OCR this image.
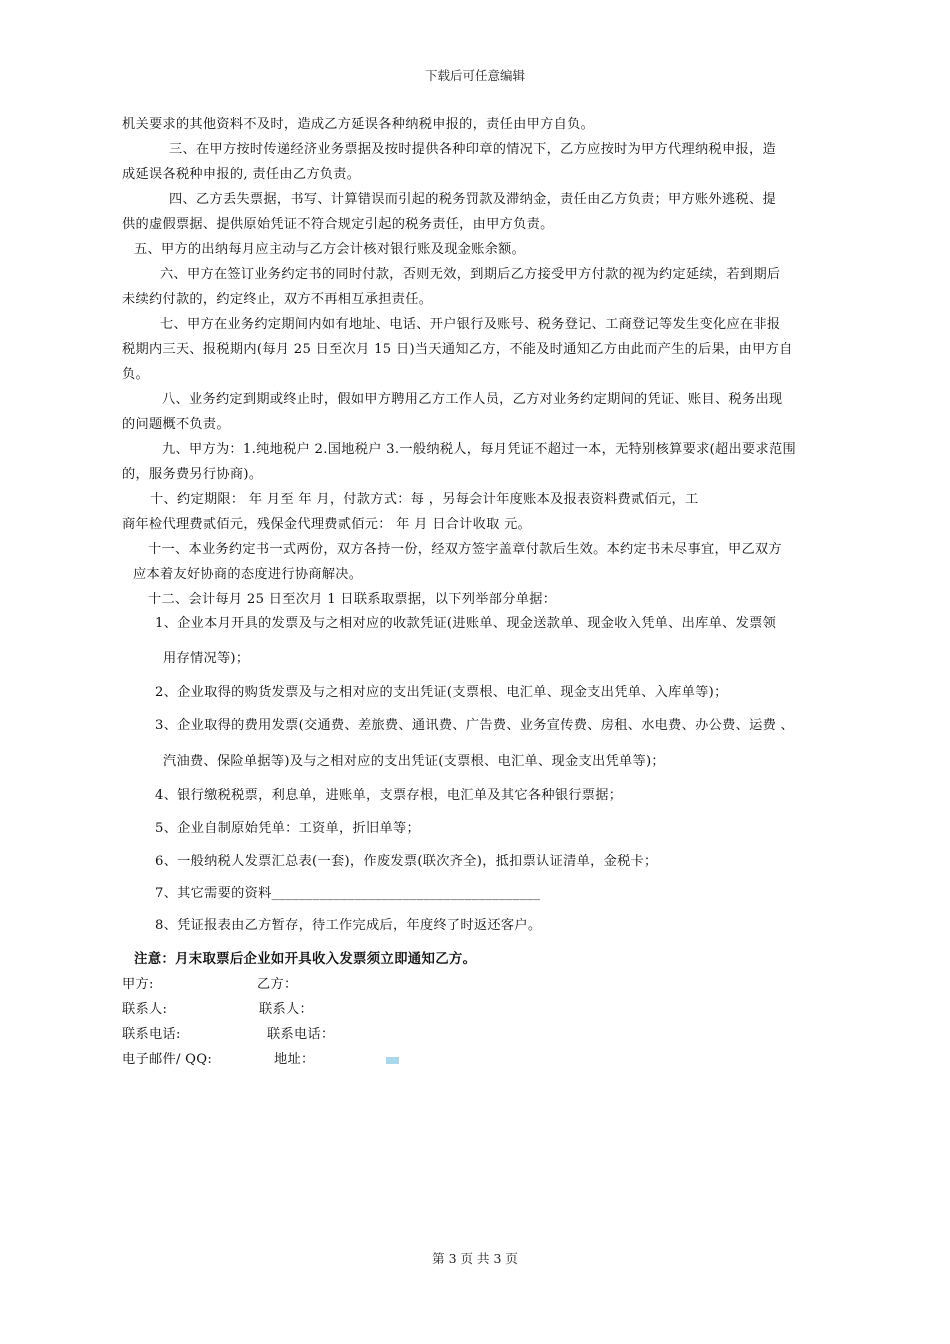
下载后可任意编辑
机关要求的其他资料不及时，造成乙方延误各种纳税申报的，责任由甲方自负。
三、在甲方按时传递经济业务票据及按时提供各种印章的情况下，乙方应按时为甲方代理纳税申报，造
成延误各税种申报的, 责任由乙方负责。
四、乙方丢失票据，书写、计算错误而引起的税务罚款及滞纳金，责任由乙方负责；甲方账外逃税、提
供的虚假票据、提供原始凭证不符合规定引起的税务责任，由甲方负责。
五、甲方的出纳每月应主动与乙方会计核对银行账及现金账余额。
六、甲方在签订业务约定书的同时付款，否则无效，到期后乙方接受甲方付款的视为约定延续，若到期后
未续约付款的，约定终止，双方不再相互承担责任。
七、甲方在业务约定期间内如有地址、电话、开户银行及账号、税务登记、工商登记等发生变化应在非报
税期内三天、报税期内(每月 25 日至次月 15 日)当天通知乙方，不能及时通知乙方由此而产生的后果，由甲方自
负。
八、业务约定到期或终止时，假如甲方聘用乙方工作人员，乙方对业务约定期间的凭证、账目、税务出现
的问题概不负责。
九、甲方为：1.纯地税户 2.国地税户 3.一般纳税人，每月凭证不超过一本，无特别核算要求(超出要求范围
的，服务费另行协商)。
十、约定期限： 年 月至 年 月，付款方式：每 ，另每会计年度账本及报表资料费贰佰元，工
商年检代理费贰佰元，残保金代理费贰佰元： 年 月 日合计收取 元。
十一、本业务约定书一式两份，双方各持一份，经双方签字盖章付款后生效。本约定书未尽事宜，甲乙双方
应本着友好协商的态度进行协商解决。
十二、会计每月 25 日至次月 1 日联系取票据，以下列举部分单据：
1、企业本月开具的发票及与之相对应的收款凭证(进账单、现金送款单、现金收入凭单、出库单、发票领
用存情况等)；
2、企业取得的购货发票及与之相对应的支出凭证(支票根、电汇单、现金支出凭单、入库单等)；
3、企业取得的费用发票(交通费、差旅费、通讯费、广告费、业务宣传费、房租、水电费、办公费、运费 、
汽油费、保险单据等)及与之相对应的支出凭证(支票根、电汇单、现金支出凭单等)；
4、银行缴税税票，利息单，进账单，支票存根，电汇单及其它各种银行票据；
5、企业自制原始凭单：工资单，折旧单等；
6、一般纳税人发票汇总表(一套)，作废发票(联次齐全)，抵扣票认证清单，金税卡；
7、其它需要的资料_______________________________________
8、凭证报表由乙方暂存，待工作完成后，年度终了时返还客户。
注意：月末取票后企业如开具收入发票须立即通知乙方。
甲方:	乙方：
联系人:	联系人：
联系电话:	联系电话：
电子邮件/ QQ:	地址：
第 3 页 共 3 页
